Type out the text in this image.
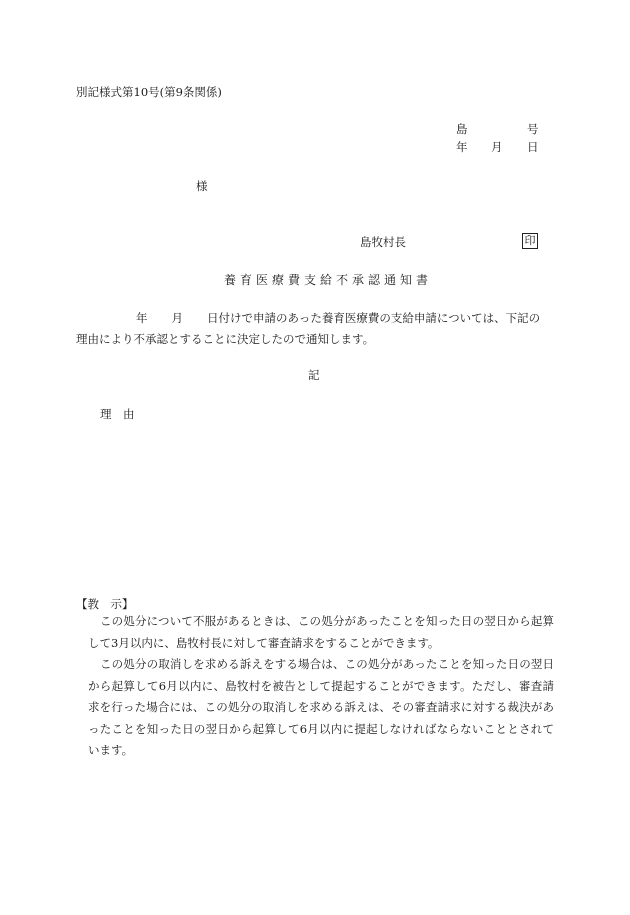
別記様式第10号(第9条関係)
島	号
年 月 日
様
島牧村長	印
養育医療費支給不承認通知書
年 月 日付けで申請のあった養育医療費の支給申請については、下記の
理由により不承認とすることに決定したので通知します。
記
理　由
【教　示】

この処分について不服があるときは、この処分があったことを知った日の翌日から起算して3月以内に、島牧村長に対して審査請求をすることができます。

この処分の取消しを求める訴えをする場合は、この処分があったことを知った日の翌日から起算して6月以内に、島牧村を被告として提起することができます。ただし、審査請求を行った場合には、この処分の取消しを求める訴えは、その審査請求に対する裁決があったことを知った日の翌日から起算して6月以内に提起しなければならないこととされています。
